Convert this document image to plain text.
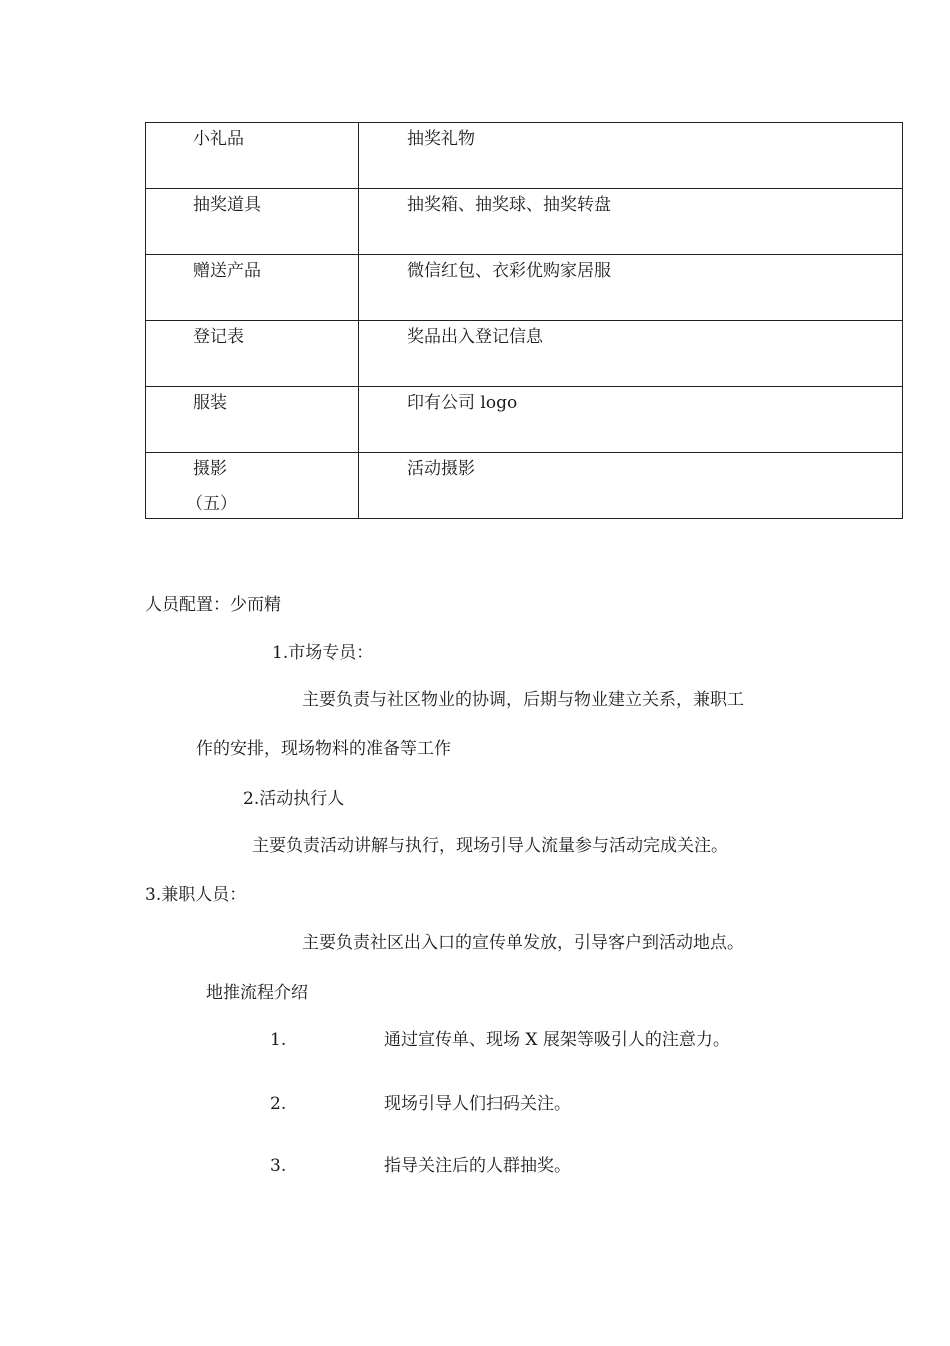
小礼品	抽奖礼物
抽奖道具	抽奖箱、抽奖球、抽奖转盘
赠送产品	微信红包、衣彩优购家居服
登记表	奖品出入登记信息
服装	印有公司 logo
摄影	活动摄影
（五）
人员配置：少而精
1.市场专员：
主要负责与社区物业的协调，后期与物业建立关系，兼职工
作的安排，现场物料的准备等工作
2.活动执行人
主要负责活动讲解与执行，现场引导人流量参与活动完成关注。
3.兼职人员：
主要负责社区出入口的宣传单发放，引导客户到活动地点。
地推流程介绍
1.	通过宣传单、现场 X 展架等吸引人的注意力。
2.	现场引导人们扫码关注。
3.	指导关注后的人群抽奖。
